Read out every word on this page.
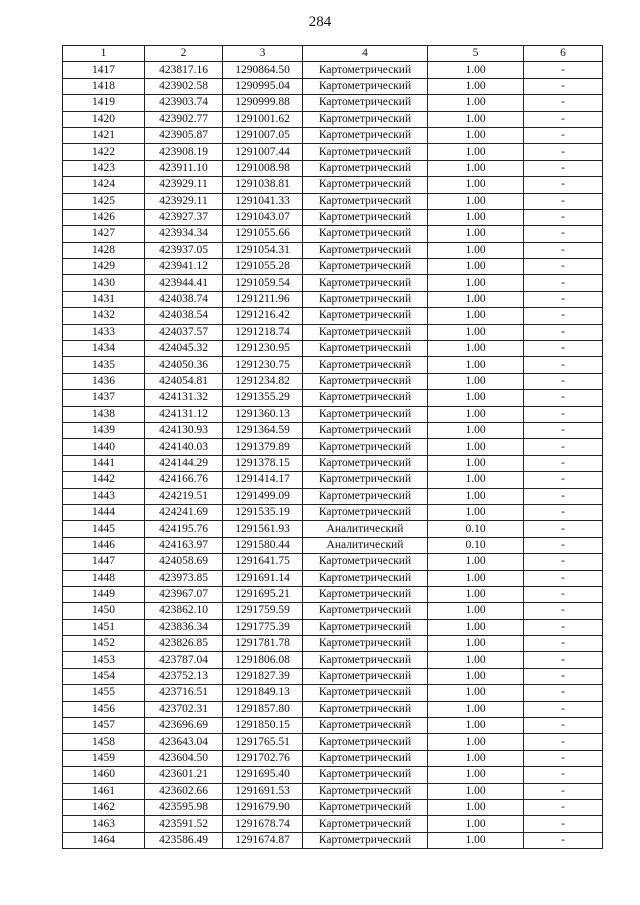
284
1	2	3	4	5	6
1417	423817.16	1290864.50	Картометрический	1.00	-
1418	423902.58	1290995.04	Картометрический	1.00	-
1419	423903.74	1290999.88	Картометрический	1.00	-
1420	423902.77	1291001.62	Картометрический	1.00	-
1421	423905.87	1291007.05	Картометрический	1.00	-
1422	423908.19	1291007.44	Картометрический	1.00	-
1423	423911.10	1291008.98	Картометрический	1.00	-
1424	423929.11	1291038.81	Картометрический	1.00	-
1425	423929.11	1291041.33	Картометрический	1.00	-
1426	423927.37	1291043.07	Картометрический	1.00	-
1427	423934.34	1291055.66	Картометрический	1.00	-
1428	423937.05	1291054.31	Картометрический	1.00	-
1429	423941.12	1291055.28	Картометрический	1.00	-
1430	423944.41	1291059.54	Картометрический	1.00	-
1431	424038.74	1291211.96	Картометрический	1.00	-
1432	424038.54	1291216.42	Картометрический	1.00	-
1433	424037.57	1291218.74	Картометрический	1.00	-
1434	424045.32	1291230.95	Картометрический	1.00	-
1435	424050.36	1291230.75	Картометрический	1.00	-
1436	424054.81	1291234.82	Картометрический	1.00	-
1437	424131.32	1291355.29	Картометрический	1.00	-
1438	424131.12	1291360.13	Картометрический	1.00	-
1439	424130.93	1291364.59	Картометрический	1.00	-
1440	424140.03	1291379.89	Картометрический	1.00	-
1441	424144.29	1291378.15	Картометрический	1.00	-
1442	424166.76	1291414.17	Картометрический	1.00	-
1443	424219.51	1291499.09	Картометрический	1.00	-
1444	424241.69	1291535.19	Картометрический	1.00	-
1445	424195.76	1291561.93	Аналитический	0.10	-
1446	424163.97	1291580.44	Аналитический	0.10	-
1447	424058.69	1291641.75	Картометрический	1.00	-
1448	423973.85	1291691.14	Картометрический	1.00	-
1449	423967.07	1291695.21	Картометрический	1.00	-
1450	423862.10	1291759.59	Картометрический	1.00	-
1451	423836.34	1291775.39	Картометрический	1.00	-
1452	423826.85	1291781.78	Картометрический	1.00	-
1453	423787.04	1291806.08	Картометрический	1.00	-
1454	423752.13	1291827.39	Картометрический	1.00	-
1455	423716.51	1291849.13	Картометрический	1.00	-
1456	423702.31	1291857.80	Картометрический	1.00	-
1457	423696.69	1291850.15	Картометрический	1.00	-
1458	423643.04	1291765.51	Картометрический	1.00	-
1459	423604.50	1291702.76	Картометрический	1.00	-
1460	423601.21	1291695.40	Картометрический	1.00	-
1461	423602.66	1291691.53	Картометрический	1.00	-
1462	423595.98	1291679.90	Картометрический	1.00	-
1463	423591.52	1291678.74	Картометрический	1.00	-
1464	423586.49	1291674.87	Картометрический	1.00	-
